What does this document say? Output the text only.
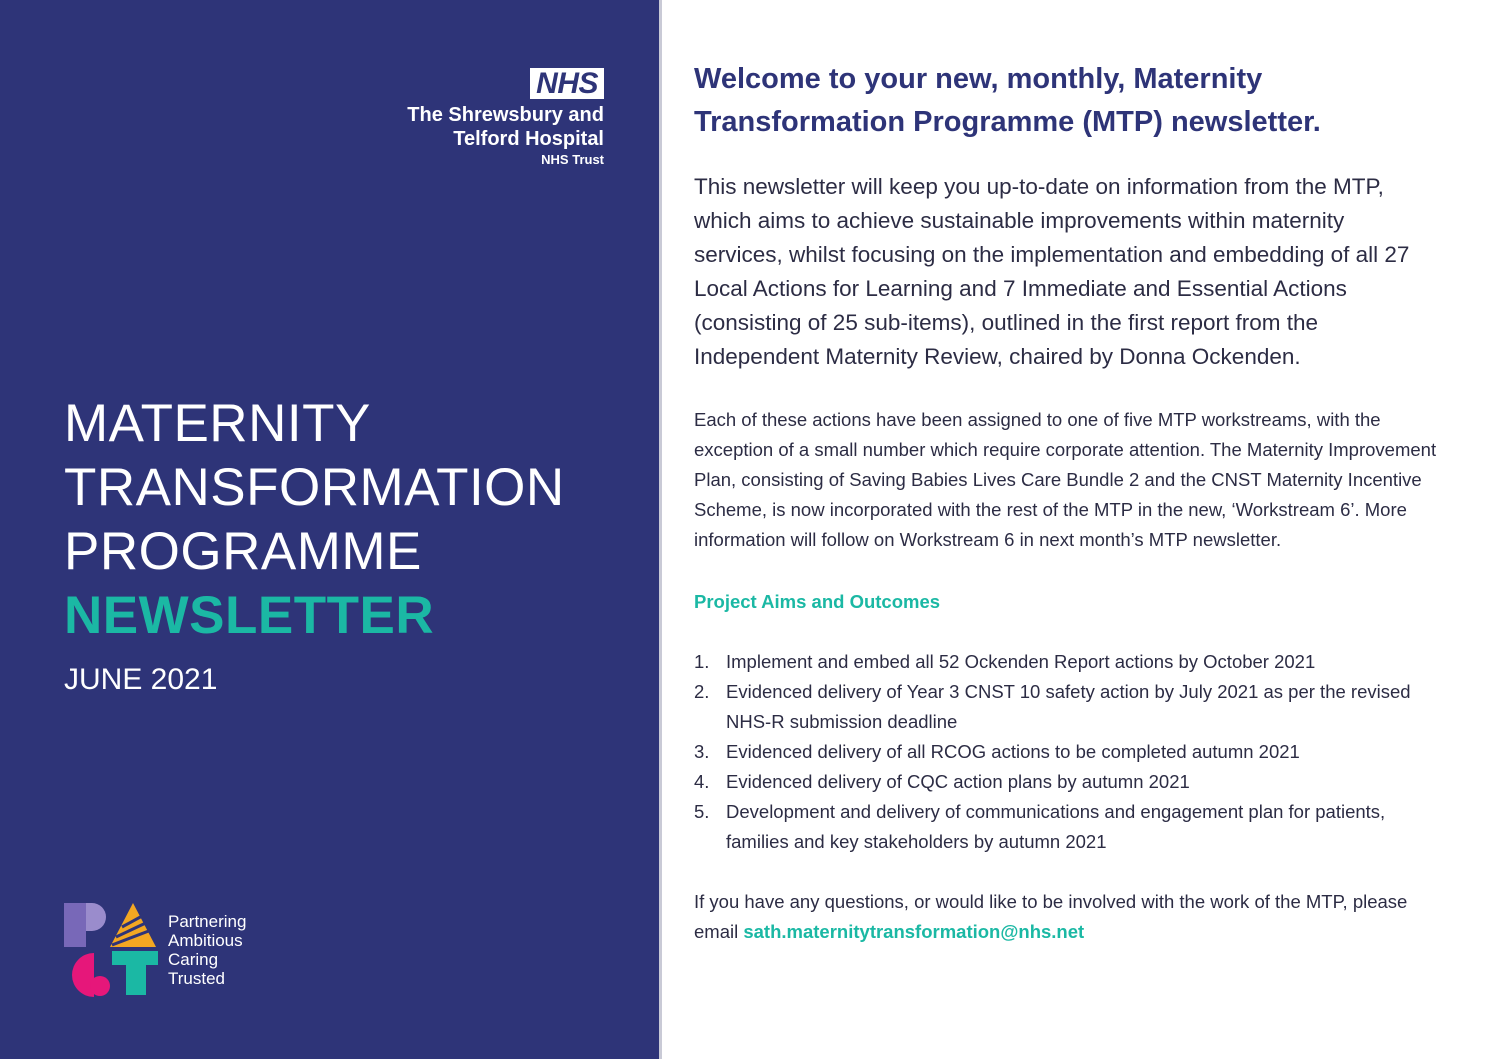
NHS
The Shrewsbury and
Telford Hospital
NHS Trust
MATERNITY
TRANSFORMATION
PROGRAMME
NEWSLETTER
JUNE 2021
Partnering
Ambitious
Caring
Trusted
Welcome to your new, monthly, Maternity Transformation Programme (MTP) newsletter.

This newsletter will keep you up-to-date on information from the MTP, which aims to achieve sustainable improvements within maternity services, whilst focusing on the implementation and embedding of all 27 Local Actions for Learning and 7 Immediate and Essential Actions (consisting of 25 sub-items), outlined in the first report from the Independent Maternity Review, chaired by Donna Ockenden.

Each of these actions have been assigned to one of five MTP workstreams, with the exception of a small number which require corporate attention. The Maternity Improvement Plan, consisting of Saving Babies Lives Care Bundle 2 and the CNST Maternity Incentive Scheme, is now incorporated with the rest of the MTP in the new, ‘Workstream 6’. More information will follow on Workstream 6 in next month’s MTP newsletter.

Project Aims and Outcomes
1. Implement and embed all 52 Ockenden Report actions by October 2021
2. Evidenced delivery of Year 3 CNST 10 safety action by July 2021 as per the revised NHS-R submission deadline
3. Evidenced delivery of all RCOG actions to be completed autumn 2021
4. Evidenced delivery of CQC action plans by autumn 2021
5. Development and delivery of communications and engagement plan for patients, families and key stakeholders by autumn 2021

If you have any questions, or would like to be involved with the work of the MTP, please email sath.maternitytransformation@nhs.net
